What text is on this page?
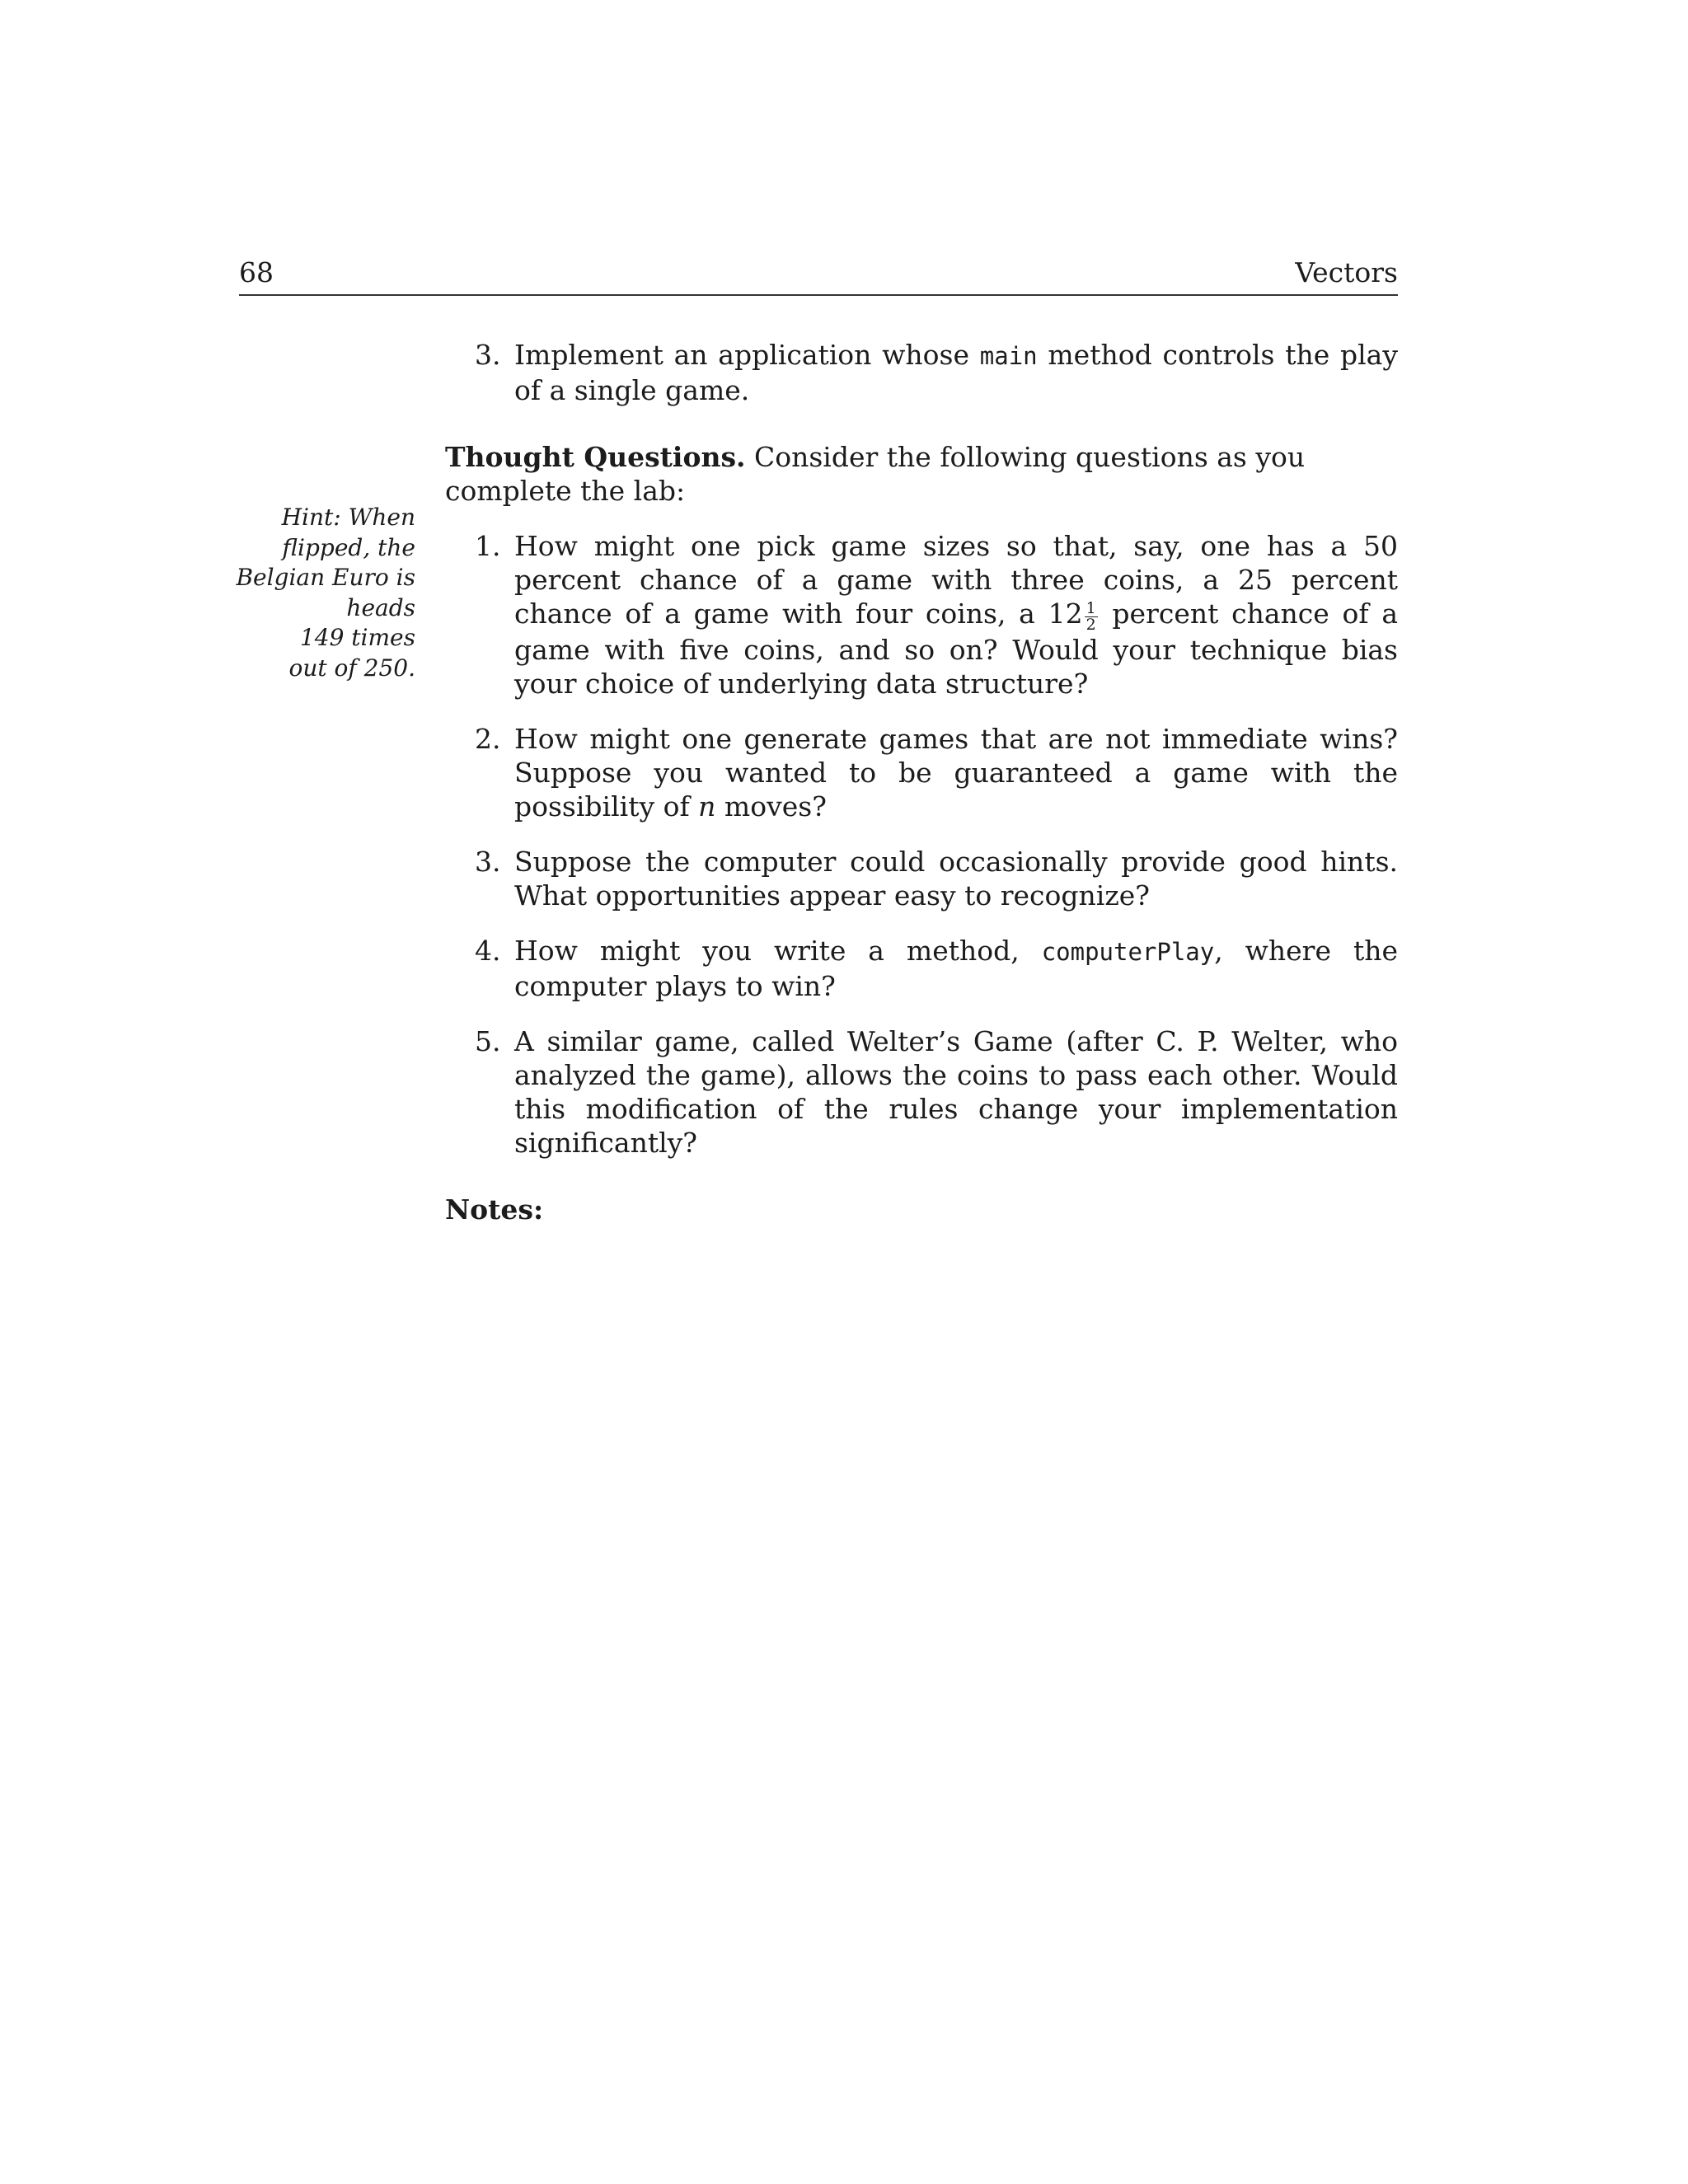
68	Vectors
Hint: When
flipped, the
Belgian Euro is
heads
149 times
out of 250.
3. Implement an application whose main method controls the play of a single game.
Thought Questions. Consider the following questions as you complete the lab:
1. How might one pick game sizes so that, say, one has a 50 percent chance of a game with three coins, a 25 percent chance of a game with four coins, a $12 \frac{1}{2}$ percent chance of a game with five coins, and so on? Would your technique bias your choice of underlying data structure?
2. How might one generate games that are not immediate wins? Suppose you wanted to be guaranteed a game with the possibility of n moves?
3. Suppose the computer could occasionally provide good hints. What opportunities appear easy to recognize?
4. How might you write a method, computerPlay, where the computer plays to win?
5. A similar game, called Welter’s Game (after C. P. Welter, who analyzed the game), allows the coins to pass each other. Would this modification of the rules change your implementation significantly?
Notes:
